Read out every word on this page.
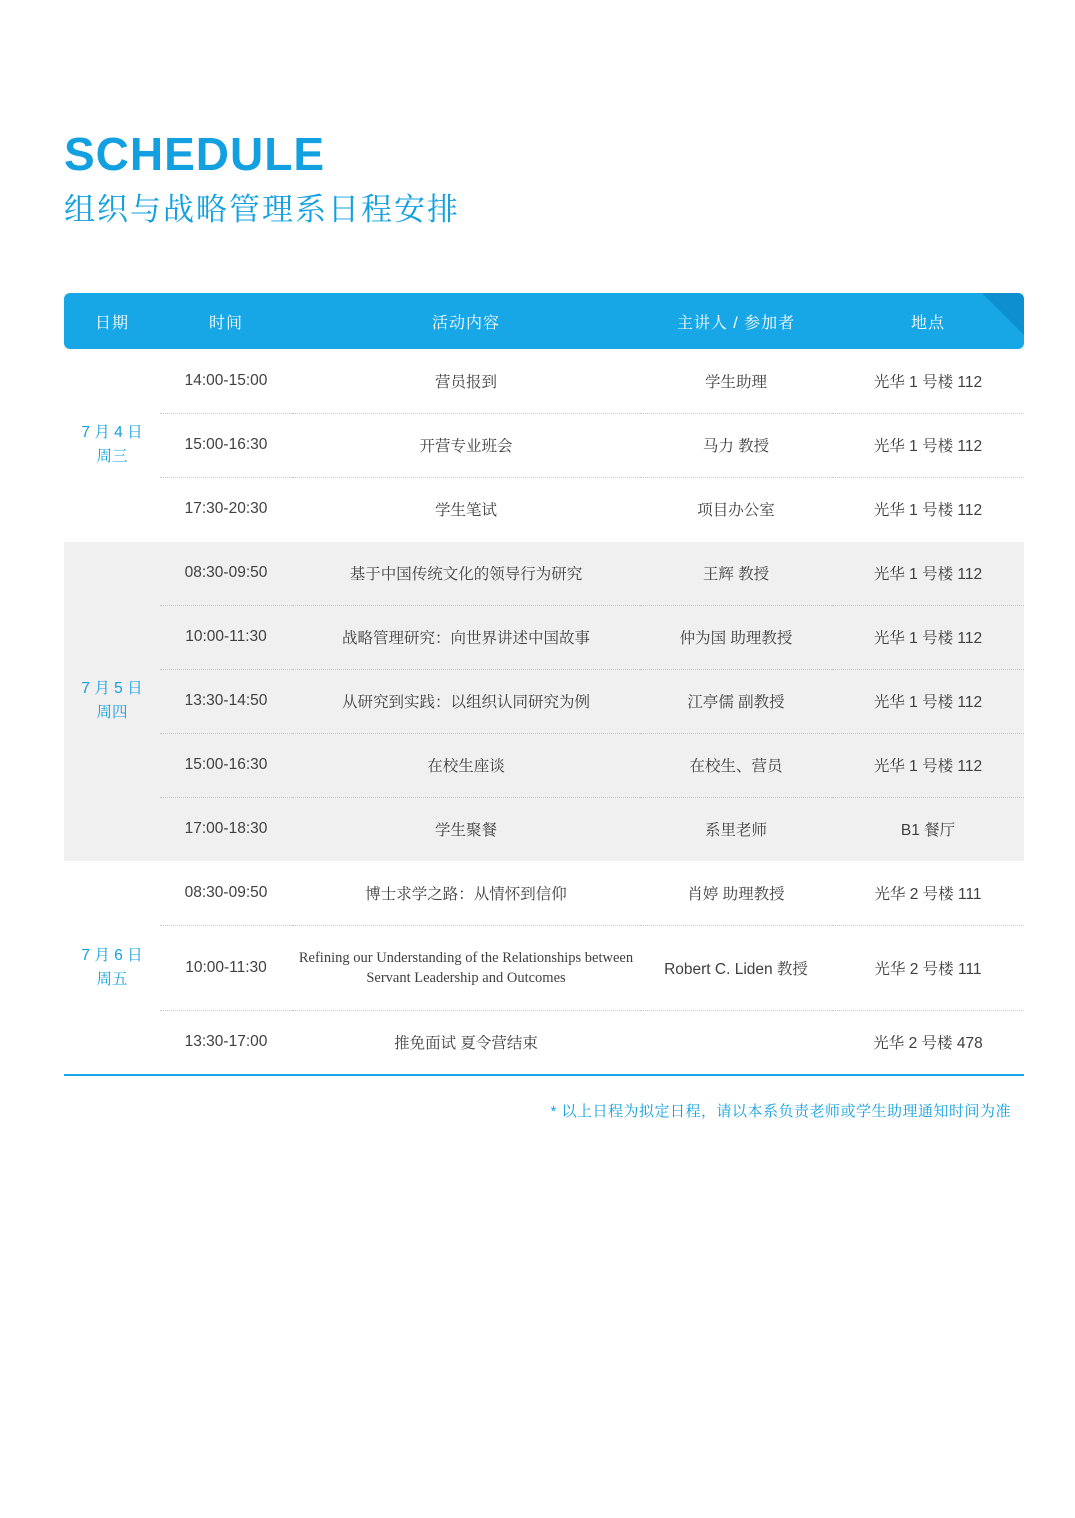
SCHEDULE
组织与战略管理系日程安排
日期	时间	活动内容	主讲人 / 参加者	地点

7 月 4 日
周三	14:00-15:00	营员报到	学生助理	光华 1 号楼 112
	15:00-16:30	开营专业班会	马力 教授	光华 1 号楼 112
	17:30-20:30	学生笔试	项目办公室	光华 1 号楼 112

7 月 5 日
周四	08:30-09:50	基于中国传统文化的领导行为研究	王辉 教授	光华 1 号楼 112
	10:00-11:30	战略管理研究：向世界讲述中国故事	仲为国 助理教授	光华 1 号楼 112
	13:30-14:50	从研究到实践：以组织认同研究为例	江亭儒 副教授	光华 1 号楼 112
	15:00-16:30	在校生座谈	在校生、营员	光华 1 号楼 112
	17:00-18:30	学生聚餐	系里老师	B1 餐厅

7 月 6 日
周五	08:30-09:50	博士求学之路：从情怀到信仰	肖婷 助理教授	光华 2 号楼 111
	10:00-11:30	Refining our Understanding of the Relationships between Servant Leadership and Outcomes	Robert C. Liden 教授	光华 2 号楼 111
	13:30-17:00	推免面试 夏令营结束		光华 2 号楼 478
* 以上日程为拟定日程，请以本系负责老师或学生助理通知时间为准
